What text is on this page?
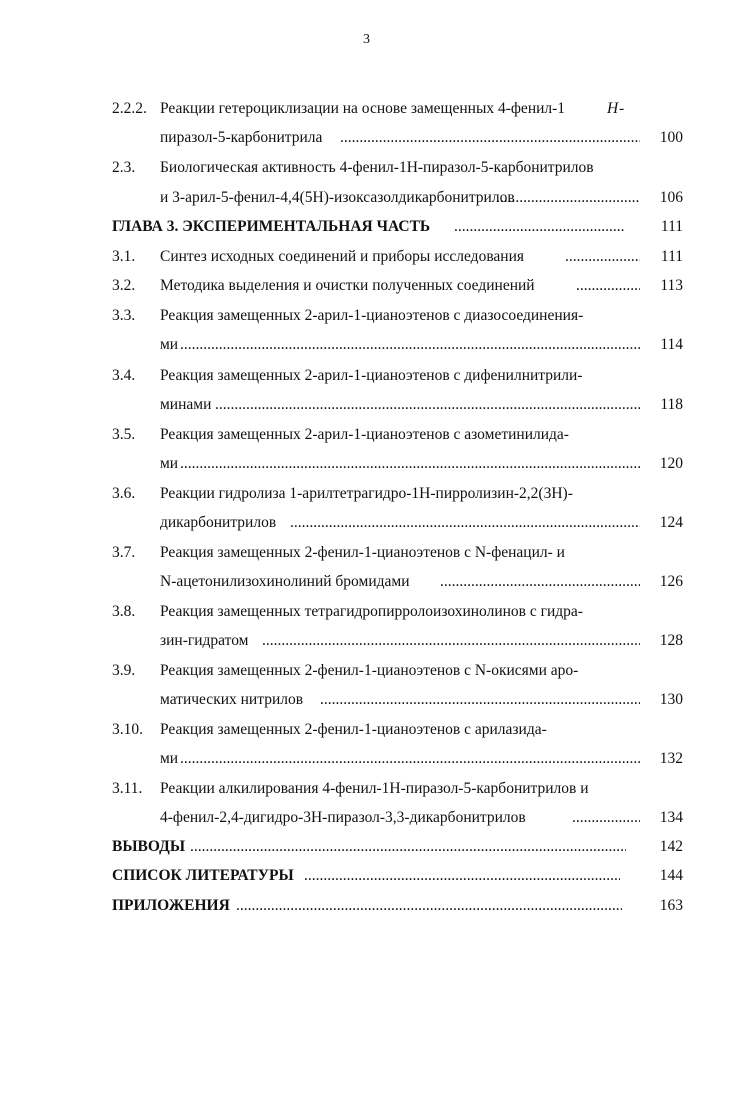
3
2.2.2. Реакции гетероциклизации на основе замещенных 4-фенил-1	H -
пиразол-5-карбонитрила .....	100
2.3. Биологическая активность 4-фенил-1Н-пиразол-5-карбонитрилов
и 3-арил-5-фенил-4,4(5Н)-изоксазолдикарбонитрилов .....	106
ГЛАВА 3. ЭКСПЕРИМЕНТАЛЬНАЯ ЧАСТЬ .....	111
3.1. Синтез исходных соединений и приборы исследования .....	111
3.2. Методика выделения и очистки полученных соединений .....	113
3.3. Реакция замещенных 2-арил-1-цианоэтенов с диазосоединения-
ми .....	114
3.4. Реакция замещенных 2-арил-1-цианоэтенов с дифенилнитрили-
минами .....	118
3.5. Реакция замещенных 2-арил-1-цианоэтенов с азометинилида-
ми .....	120
3.6. Реакции гидролиза 1-арилтетрагидро-1Н-пирролизин-2,2(3Н)-
дикарбонитрилов .....	124
3.7. Реакция замещенных 2-фенил-1-цианоэтенов с N-фенацил- и
N-ацетонилизохинолиний бромидами .....	126
3.8. Реакция замещенных тетрагидропирролоизохинолинов с гидра-
зин-гидратом .....	128
3.9. Реакция замещенных 2-фенил-1-цианоэтенов с N-окисями аро-
матических нитрилов .....	130
3.10. Реакция замещенных 2-фенил-1-цианоэтенов с арилазида-
ми .....	132
3.11. Реакции алкилирования 4-фенил-1Н-пиразол-5-карбонитрилов и
4-фенил-2,4-дигидро-3Н-пиразол-3,3-дикарбонитрилов .....	134
ВЫВОДЫ .....	142
СПИСОК ЛИТЕРАТУРЫ .....	144
ПРИЛОЖЕНИЯ .....	163
